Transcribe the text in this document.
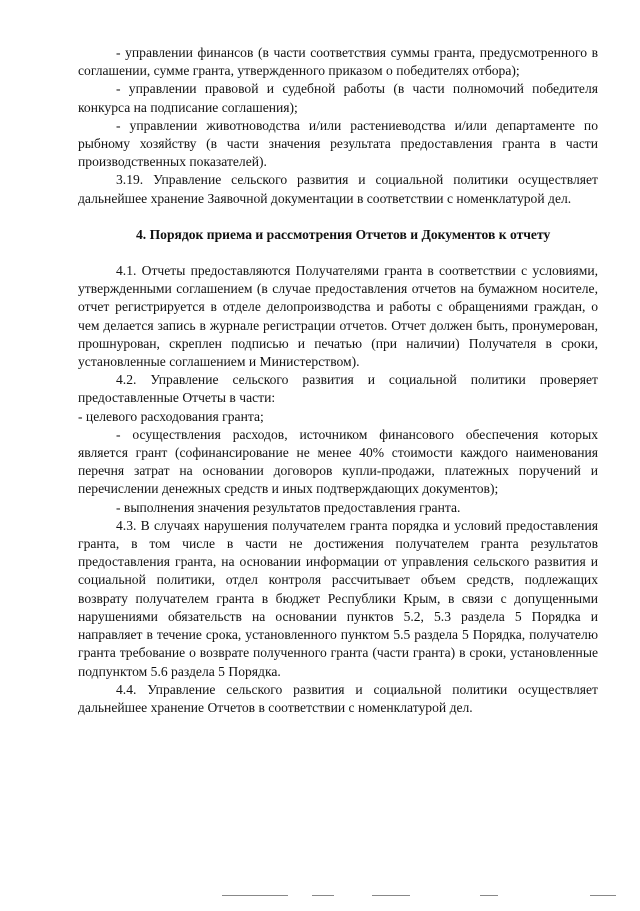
- управлении финансов (в части соответствия суммы гранта, предусмотренного в соглашении, сумме гранта, утвержденного приказом о победителях отбора);

- управлении правовой и судебной работы (в части полномочий победителя конкурса на подписание соглашения);

- управлении животноводства и/или растениеводства и/или департаменте по рыбному хозяйству (в части значения результата предоставления гранта в части производственных показателей).

3.19. Управление сельского развития и социальной политики осуществляет дальнейшее хранение Заявочной документации в соответствии с номенклатурой дел.

4. Порядок приема и рассмотрения Отчетов и Документов к отчету

4.1. Отчеты предоставляются Получателями гранта в соответствии с условиями, утвержденными соглашением (в случае предоставления отчетов на бумажном носителе, отчет регистрируется в отделе делопроизводства и работы с обращениями граждан, о чем делается запись в журнале регистрации отчетов. Отчет должен быть, пронумерован, прошнурован, скреплен подписью и печатью (при наличии) Получателя в сроки, установленные соглашением и Министерством).

4.2. Управление сельского развития и социальной политики проверяет предоставленные Отчеты в части:

- целевого расходования гранта;

- осуществления расходов, источником финансового обеспечения которых является грант (софинансирование не менее 40% стоимости каждого наименования перечня затрат на основании договоров купли-продажи, платежных поручений и перечислении денежных средств и иных подтверждающих документов);

- выполнения значения результатов предоставления гранта.

4.3. В случаях нарушения получателем гранта порядка и условий предоставления гранта, в том числе в части не достижения получателем гранта результатов предоставления гранта, на основании информации от управления сельского развития и социальной политики, отдел контроля рассчитывает объем средств, подлежащих возврату получателем гранта в бюджет Республики Крым, в связи с допущенными нарушениями обязательств на основании пунктов 5.2, 5.3 раздела 5 Порядка и направляет в течение срока, установленного пунктом 5.5 раздела 5 Порядка, получателю гранта требование о возврате полученного гранта (части гранта) в сроки, установленные подпунктом 5.6 раздела 5 Порядка.

4.4. Управление сельского развития и социальной политики осуществляет дальнейшее хранение Отчетов в соответствии с номенклатурой дел.
